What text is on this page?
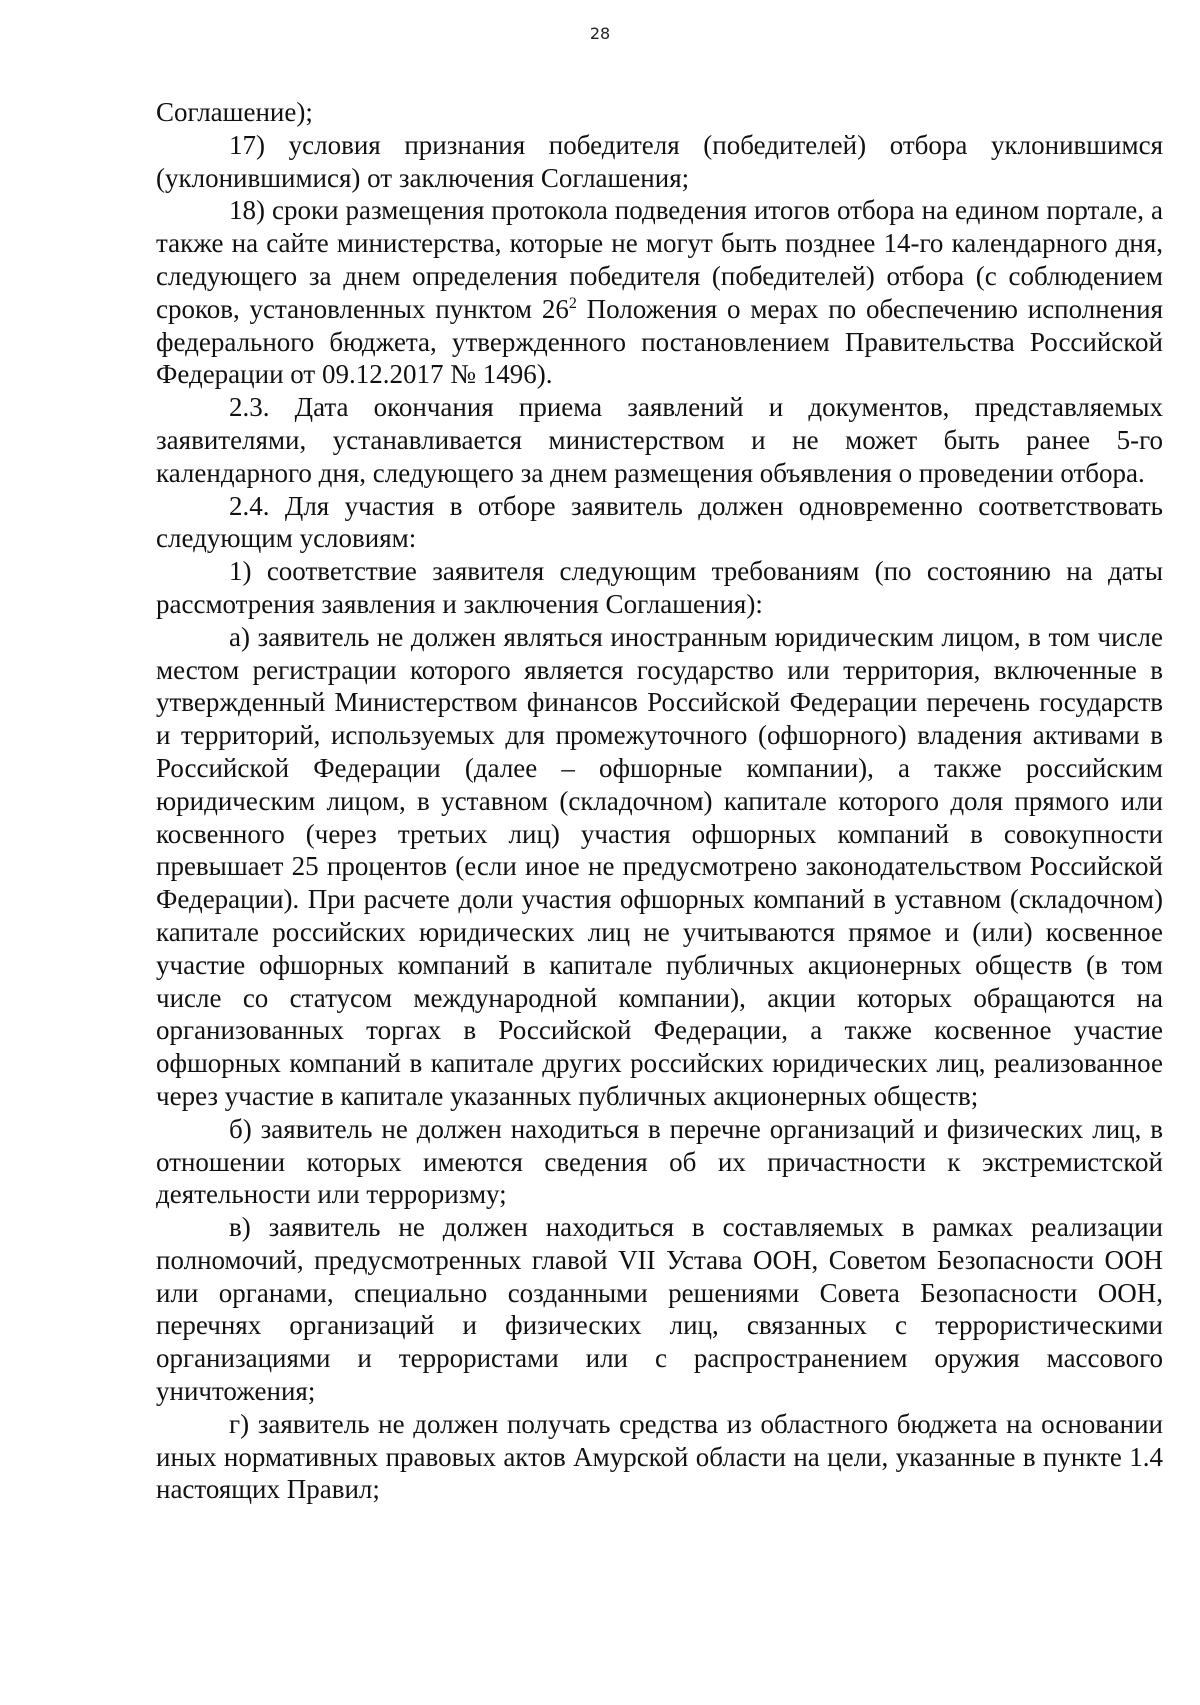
28

Соглашение);

17) условия признания победителя (победителей) отбора уклонившимся (уклонившимися) от заключения Соглашения;

18) сроки размещения протокола подведения итогов отбора на едином портале, а также на сайте министерства, которые не могут быть позднее 14-го календарного дня, следующего за днем определения победителя (победителей) отбора (с соблюдением сроков, установленных пунктом $26^2$ Положения о мерах по обеспечению исполнения федерального бюджета, утвержденного постановлением Правительства Российской Федерации от 09.12.2017 № 1496).

2.3. Дата окончания приема заявлений и документов, представляемых заявителями, устанавливается министерством и не может быть ранее 5-го календарного дня, следующего за днем размещения объявления о проведении отбора.

2.4. Для участия в отборе заявитель должен одновременно соответствовать следующим условиям:

1) соответствие заявителя следующим требованиям (по состоянию на даты рассмотрения заявления и заключения Соглашения):

а) заявитель не должен являться иностранным юридическим лицом, в том числе местом регистрации которого является государство или территория, включенные в утвержденный Министерством финансов Российской Федерации перечень государств и территорий, используемых для промежуточного (офшорного) владения активами в Российской Федерации (далее – офшорные компании), а также российским юридическим лицом, в уставном (складочном) капитале которого доля прямого или косвенного (через третьих лиц) участия офшорных компаний в совокупности превышает 25 процентов (если иное не предусмотрено законодательством Российской Федерации). При расчете доли участия офшорных компаний в уставном (складочном) капитале российских юридических лиц не учитываются прямое и (или) косвенное участие офшорных компаний в капитале публичных акционерных обществ (в том числе со статусом международной компании), акции которых обращаются на организованных торгах в Российской Федерации, а также косвенное участие офшорных компаний в капитале других российских юридических лиц, реализованное через участие в капитале указанных публичных акционерных обществ;

б) заявитель не должен находиться в перечне организаций и физических лиц, в отношении которых имеются сведения об их причастности к экстремистской деятельности или терроризму;

в) заявитель не должен находиться в составляемых в рамках реализации полномочий, предусмотренных главой VII Устава ООН, Советом Безопасности ООН или органами, специально созданными решениями Совета Безопасности ООН, перечнях организаций и физических лиц, связанных с террористическими организациями и террористами или с распространением оружия массового уничтожения;

г) заявитель не должен получать средства из областного бюджета на основании иных нормативных правовых актов Амурской области на цели, указанные в пункте 1.4 настоящих Правил;
